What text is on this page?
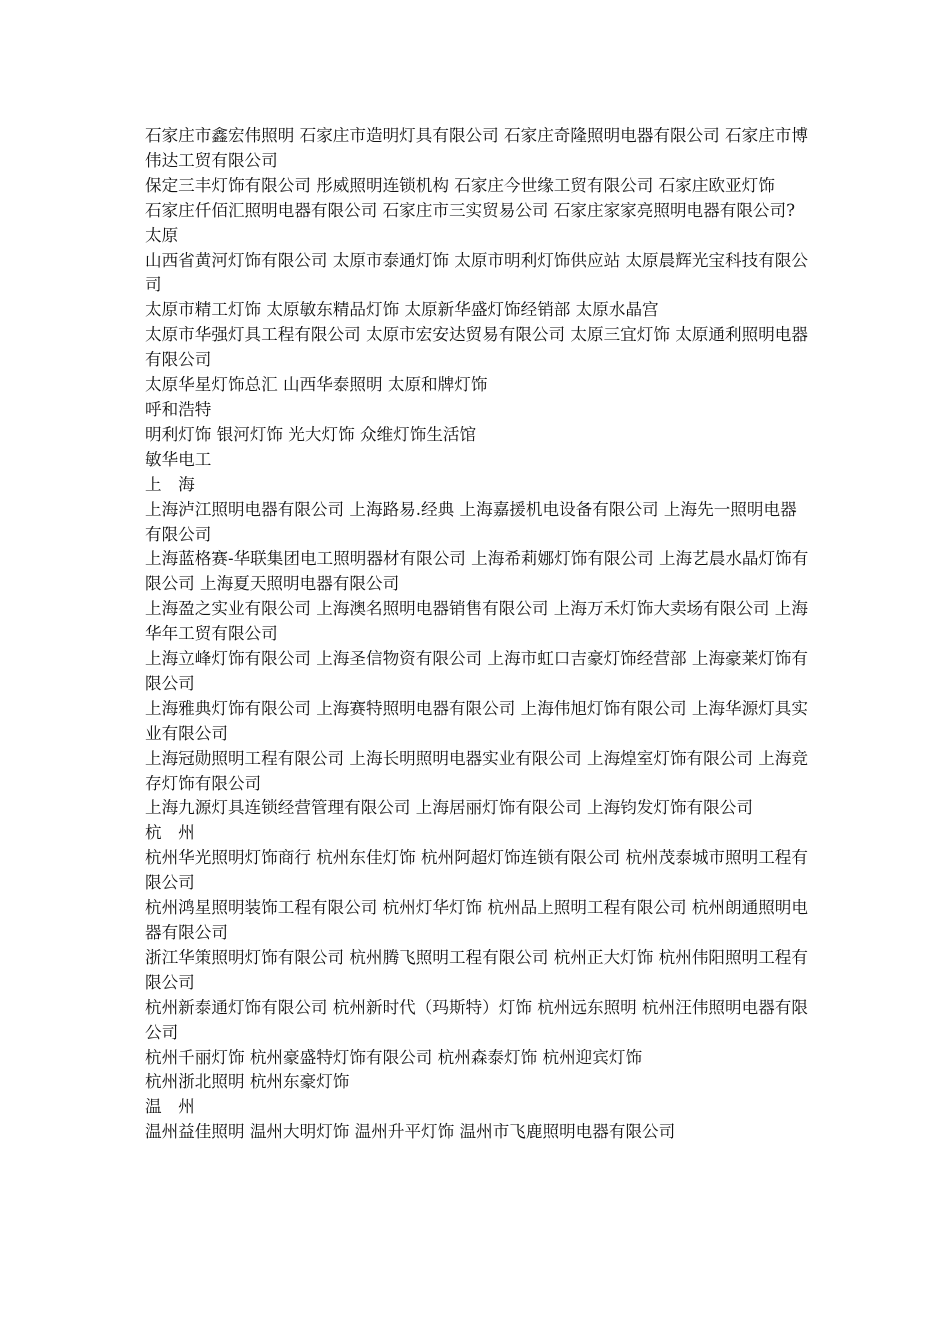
石家庄市鑫宏伟照明 石家庄市造明灯具有限公司 石家庄奇隆照明电器有限公司 石家庄市博伟达工贸有限公司

保定三丰灯饰有限公司 彤威照明连锁机构 石家庄今世缘工贸有限公司 石家庄欧亚灯饰

石家庄仟佰汇照明电器有限公司 石家庄市三实贸易公司 石家庄家家亮照明电器有限公司?

太原

山西省黄河灯饰有限公司 太原市泰通灯饰 太原市明利灯饰供应站 太原晨辉光宝科技有限公司

太原市精工灯饰 太原敏东精品灯饰 太原新华盛灯饰经销部 太原水晶宫

太原市华强灯具工程有限公司 太原市宏安达贸易有限公司 太原三宜灯饰 太原通利照明电器有限公司

太原华星灯饰总汇 山西华泰照明 太原和牌灯饰

呼和浩特

明利灯饰 银河灯饰 光大灯饰 众维灯饰生活馆

敏华电工

上　海

上海泸江照明电器有限公司 上海路易.经典 上海嘉援机电设备有限公司 上海先一照明电器有限公司

上海蓝格赛-华联集团电工照明器材有限公司 上海希莉娜灯饰有限公司 上海艺晨水晶灯饰有限公司 上海夏天照明电器有限公司

上海盈之实业有限公司 上海澳名照明电器销售有限公司 上海万禾灯饰大卖场有限公司 上海华年工贸有限公司

上海立峰灯饰有限公司 上海圣信物资有限公司 上海市虹口吉豪灯饰经营部 上海豪莱灯饰有限公司

上海雅典灯饰有限公司 上海赛特照明电器有限公司 上海伟旭灯饰有限公司 上海华源灯具实业有限公司

上海冠勋照明工程有限公司 上海长明照明电器实业有限公司 上海煌室灯饰有限公司 上海竞存灯饰有限公司

上海九源灯具连锁经营管理有限公司 上海居丽灯饰有限公司 上海钧发灯饰有限公司

杭　州

杭州华光照明灯饰商行 杭州东佳灯饰 杭州阿超灯饰连锁有限公司 杭州茂泰城市照明工程有限公司

杭州鸿星照明装饰工程有限公司 杭州灯华灯饰 杭州品上照明工程有限公司 杭州朗通照明电器有限公司

浙江华策照明灯饰有限公司 杭州腾飞照明工程有限公司 杭州正大灯饰 杭州伟阳照明工程有限公司

杭州新泰通灯饰有限公司 杭州新时代（玛斯特）灯饰 杭州远东照明 杭州汪伟照明电器有限公司

杭州千丽灯饰 杭州豪盛特灯饰有限公司 杭州森泰灯饰 杭州迎宾灯饰

杭州浙北照明 杭州东豪灯饰

温　州

温州益佳照明 温州大明灯饰 温州升平灯饰 温州市飞鹿照明电器有限公司
